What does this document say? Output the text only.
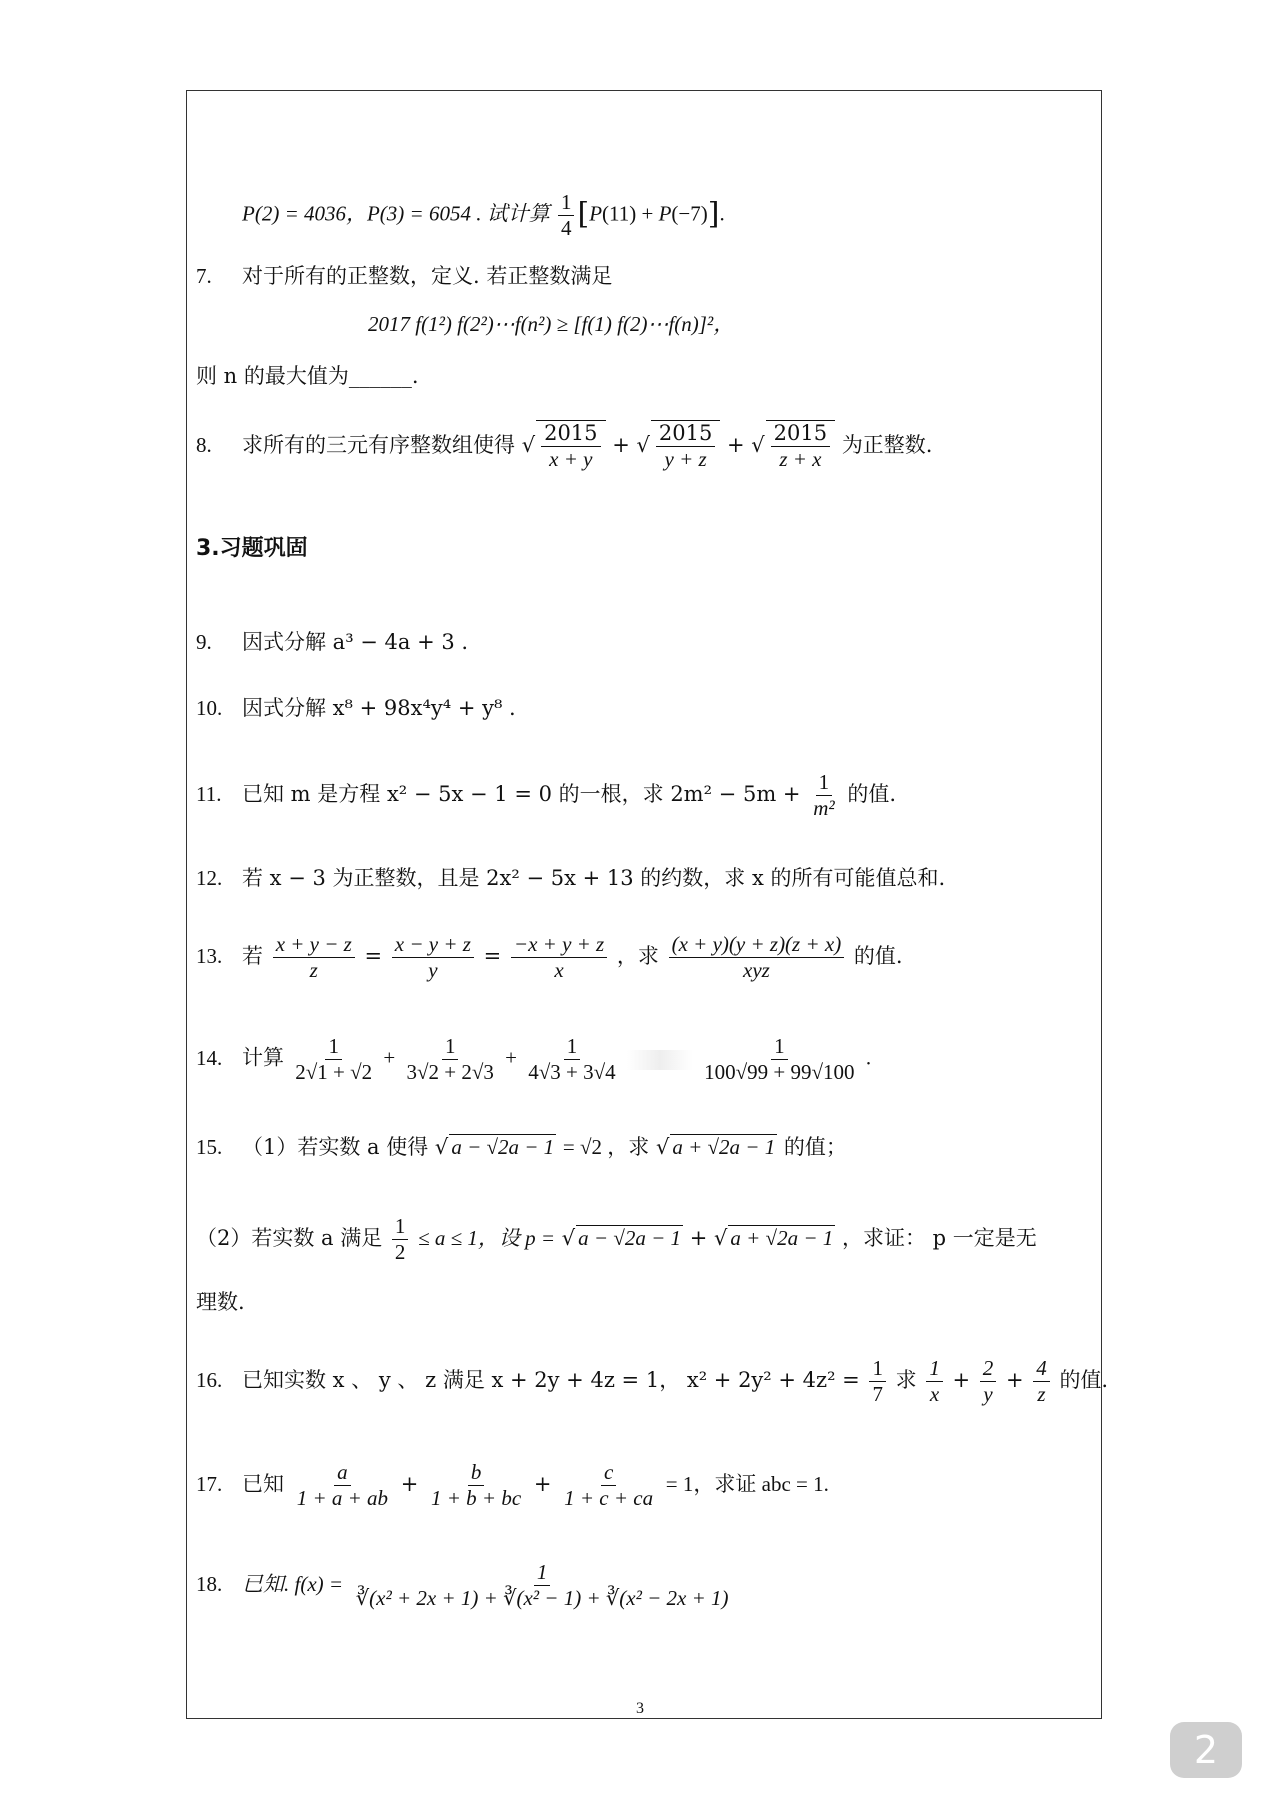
P(2) = 4036，P(3) = 6054 . 试计算 $\frac{1}{4} [P(11) + P(-7)]$.
7. 对于所有的正整数，定义. 若正整数满足
2017 f(1²) f(2²)⋯f(n²) ≥ [f(1) f(2)⋯f(n)]²，
则 n 的最大值为______.
8. 求所有的三元有序整数组使得 √ $\frac{2015}{x + y}$ + √ $\frac{2015}{y + z}$ + √ $\frac{2015}{z + x}$ 为正整数.
3.习题巩固
9. 因式分解 a³ − 4a + 3 .
10. 因式分解 x⁸ + 98x⁴y⁴ + y⁸ .
11. 已知 m 是方程 x² − 5x − 1 = 0 的一根，求 $2m^2 - 5m + \frac{1}{\text{m²}}$ 的值.
12. 若 x − 3 为正整数，且是 2x² − 5x + 13 的约数，求 x 的所有可能值总和.
13. 若 $\frac{x + y - z}{z} = \frac{x - y + z}{y} = \frac{-x + y + z}{x}$ ，求 $\frac{(x + y)(y + z)(z + x)}{\text{xyz}}$ 的值.
14. 计算 $\frac{1}{2√1 + √2} + \frac{1}{3√2 + 2√3} + \frac{1}{4√3 + 3√4}$
	$\frac{1}{100√99 + 99√100}$ .
15. （1）若实数 a 使得 √ a − √2a − 1 = √2 ，求 √ a + √2a − 1 的值；
（2）若实数 a 满足 $\frac{1}{2} \le a \le 1$，设 p = √ a − √2a − 1 + √ a + √2a − 1 ，求证： p 一定是无
理数.
16. 已知实数 x 、 y 、 z 满足 x + 2y + 4z = 1， $x^2 + 2y^2 + 4z^2 = \frac{1}{7}$ 求 $\frac{1}{x} + \frac{2}{y} + \frac{4}{z}$ 的值.
17. 已知 $\frac{a}{1 + a + ab} + \frac{b}{1 + b + bc} + \frac{c}{1 + c + ca} = 1$，求证 abc = 1.
18. 已知. $f(x) = \frac{1}{\text{∛(x² + 2x + 1) + ∛(x² − 1) + ∛(x² − 2x + 1)}}$
3
2
